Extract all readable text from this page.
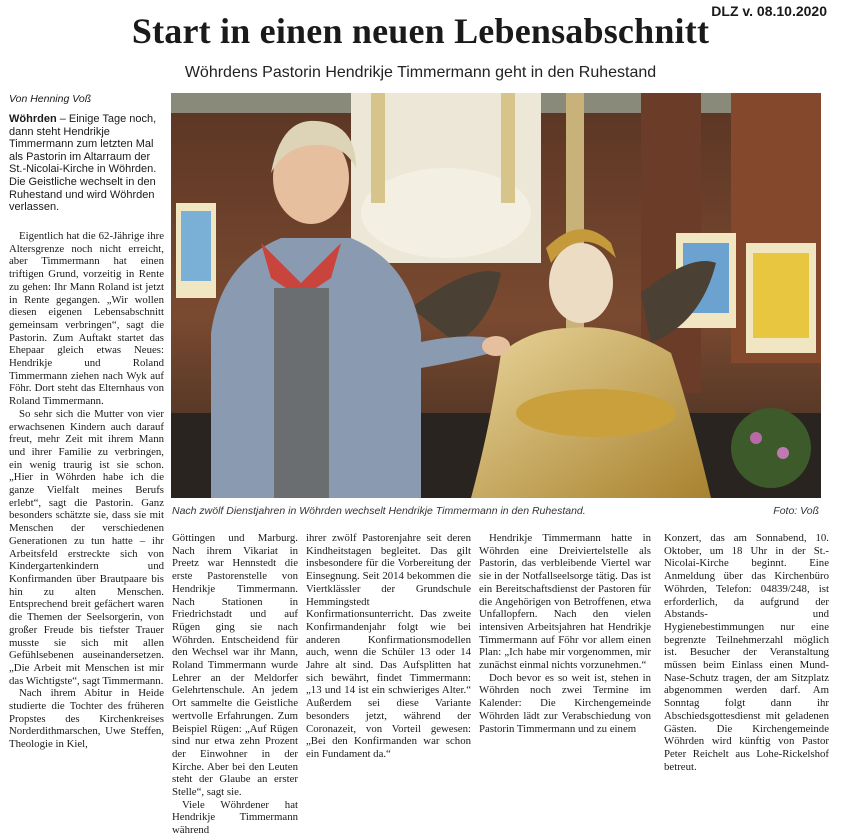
DLZ v. 08.10.2020
Start in einen neuen Lebensabschnitt
Wöhrdens Pastorin Hendrikje Timmermann geht in den Ruhestand
Von Henning Voß
Wöhrden – Einige Tage noch, dann steht Hendrikje Timmermann zum letzten Mal als Pastorin im Altarraum der St.-Nicolai-Kirche in Wöhrden. Die Geistliche wechselt in den Ruhestand und wird Wöhrden verlassen.

Eigentlich hat die 62-Jährige ihre Altersgrenze noch nicht erreicht, aber Timmermann hat einen triftigen Grund, vorzeitig in Rente zu gehen: Ihr Mann Roland ist jetzt in Rente gegangen. „Wir wollen diesen eigenen Lebensabschnitt gemeinsam verbringen“, sagt die Pastorin. Zum Auftakt startet das Ehepaar gleich etwas Neues: Hendrikje und Roland Timmermann ziehen nach Wyk auf Föhr. Dort steht das Elternhaus von Roland Timmermann.

So sehr sich die Mutter von vier erwachsenen Kindern auch darauf freut, mehr Zeit mit ihrem Mann und ihrer Familie zu verbringen, ein wenig traurig ist sie schon. „Hier in Wöhrden habe ich die ganze Vielfalt meines Berufs erlebt“, sagt die Pastorin. Ganz besonders schätzte sie, dass sie mit Menschen der verschiedenen Generationen zu tun hatte – ihr Arbeitsfeld erstreckte sich von Kindergartenkindern und Konfirmanden über Brautpaare bis hin zu alten Menschen. Entsprechend breit gefächert waren die Themen der Seelsorgerin, von großer Freude bis tiefster Trauer musste sie sich mit allen Gefühlsebenen auseinandersetzen. „Die Arbeit mit Menschen ist mir das Wichtigste“, sagt Timmermann.

Nach ihrem Abitur in Heide studierte die Tochter des früheren Propstes des Kirchenkreises Norderdithmarschen, Uwe Steffen, Theologie in Kiel,

Nach zwölf Dienstjahren in Wöhrden wechselt Hendrikje Timmermann in den Ruhestand.	Foto: Voß

Göttingen und Marburg. Nach ihrem Vikariat in Preetz war Hennstedt die erste Pastorenstelle von Hendrikje Timmermann. Nach Stationen in Friedrichstadt und auf Rügen ging sie nach Wöhrden. Entscheidend für den Wechsel war ihr Mann, Roland Timmermann wurde Lehrer an der Meldorfer Gelehrtenschule. An jedem Ort sammelte die Geistliche wertvolle Erfahrungen. Zum Beispiel Rügen: „Auf Rügen sind nur etwa zehn Prozent der Einwohner in der Kirche. Aber bei den Leuten steht der Glaube an erster Stelle“, sagt sie.

Viele Wöhrdener hat Hendrikje Timmermann während

ihrer zwölf Pastorenjahre seit deren Kindheitstagen begleitet. Das gilt insbesondere für die Vorbereitung der Einsegnung. Seit 2014 bekommen die Viertklässler der Grundschule Hemmingstedt Konfirmationsunterricht. Das zweite Konfirmandenjahr folgt wie bei anderen Konfirmationsmodellen auch, wenn die Schüler 13 oder 14 Jahre alt sind. Das Aufsplitten hat sich bewährt, findet Timmermann: „13 und 14 ist ein schwieriges Alter.“ Außerdem sei diese Variante besonders jetzt, während der Coronazeit, von Vorteil gewesen: „Bei den Konfirmanden war schon ein Fundament da.“

Hendrikje Timmermann hatte in Wöhrden eine Dreiviertelstelle als Pastorin, das verbleibende Viertel war sie in der Notfallseelsorge tätig. Das ist ein Bereitschaftsdienst der Pastoren für die Angehörigen von Betroffenen, etwa Unfallopfern. Nach den vielen intensiven Arbeitsjahren hat Hendrikje Timmermann auf Föhr vor allem einen Plan: „Ich habe mir vorgenommen, mir zunächst einmal nichts vorzunehmen.“

Doch bevor es so weit ist, stehen in Wöhrden noch zwei Termine im Kalender: Die Kirchengemeinde Wöhrden lädt zur Verabschiedung von Pastorin Timmermann und zu einem

Konzert, das am Sonnabend, 10. Oktober, um 18 Uhr in der St.-Nicolai-Kirche beginnt. Eine Anmeldung über das Kirchenbüro Wöhrden, Telefon: 04839/248, ist erforderlich, da aufgrund der Abstands- und Hygienebestimmungen nur eine begrenzte Teilnehmerzahl möglich ist. Besucher der Veranstaltung müssen beim Einlass einen Mund-Nase-Schutz tragen, der am Sitzplatz abgenommen werden darf. Am Sonntag folgt dann ihr Abschiedsgottesdienst mit geladenen Gästen. Die Kirchengemeinde Wöhrden wird künftig von Pastor Peter Reichelt aus Lohe-Rickelshof betreut.
